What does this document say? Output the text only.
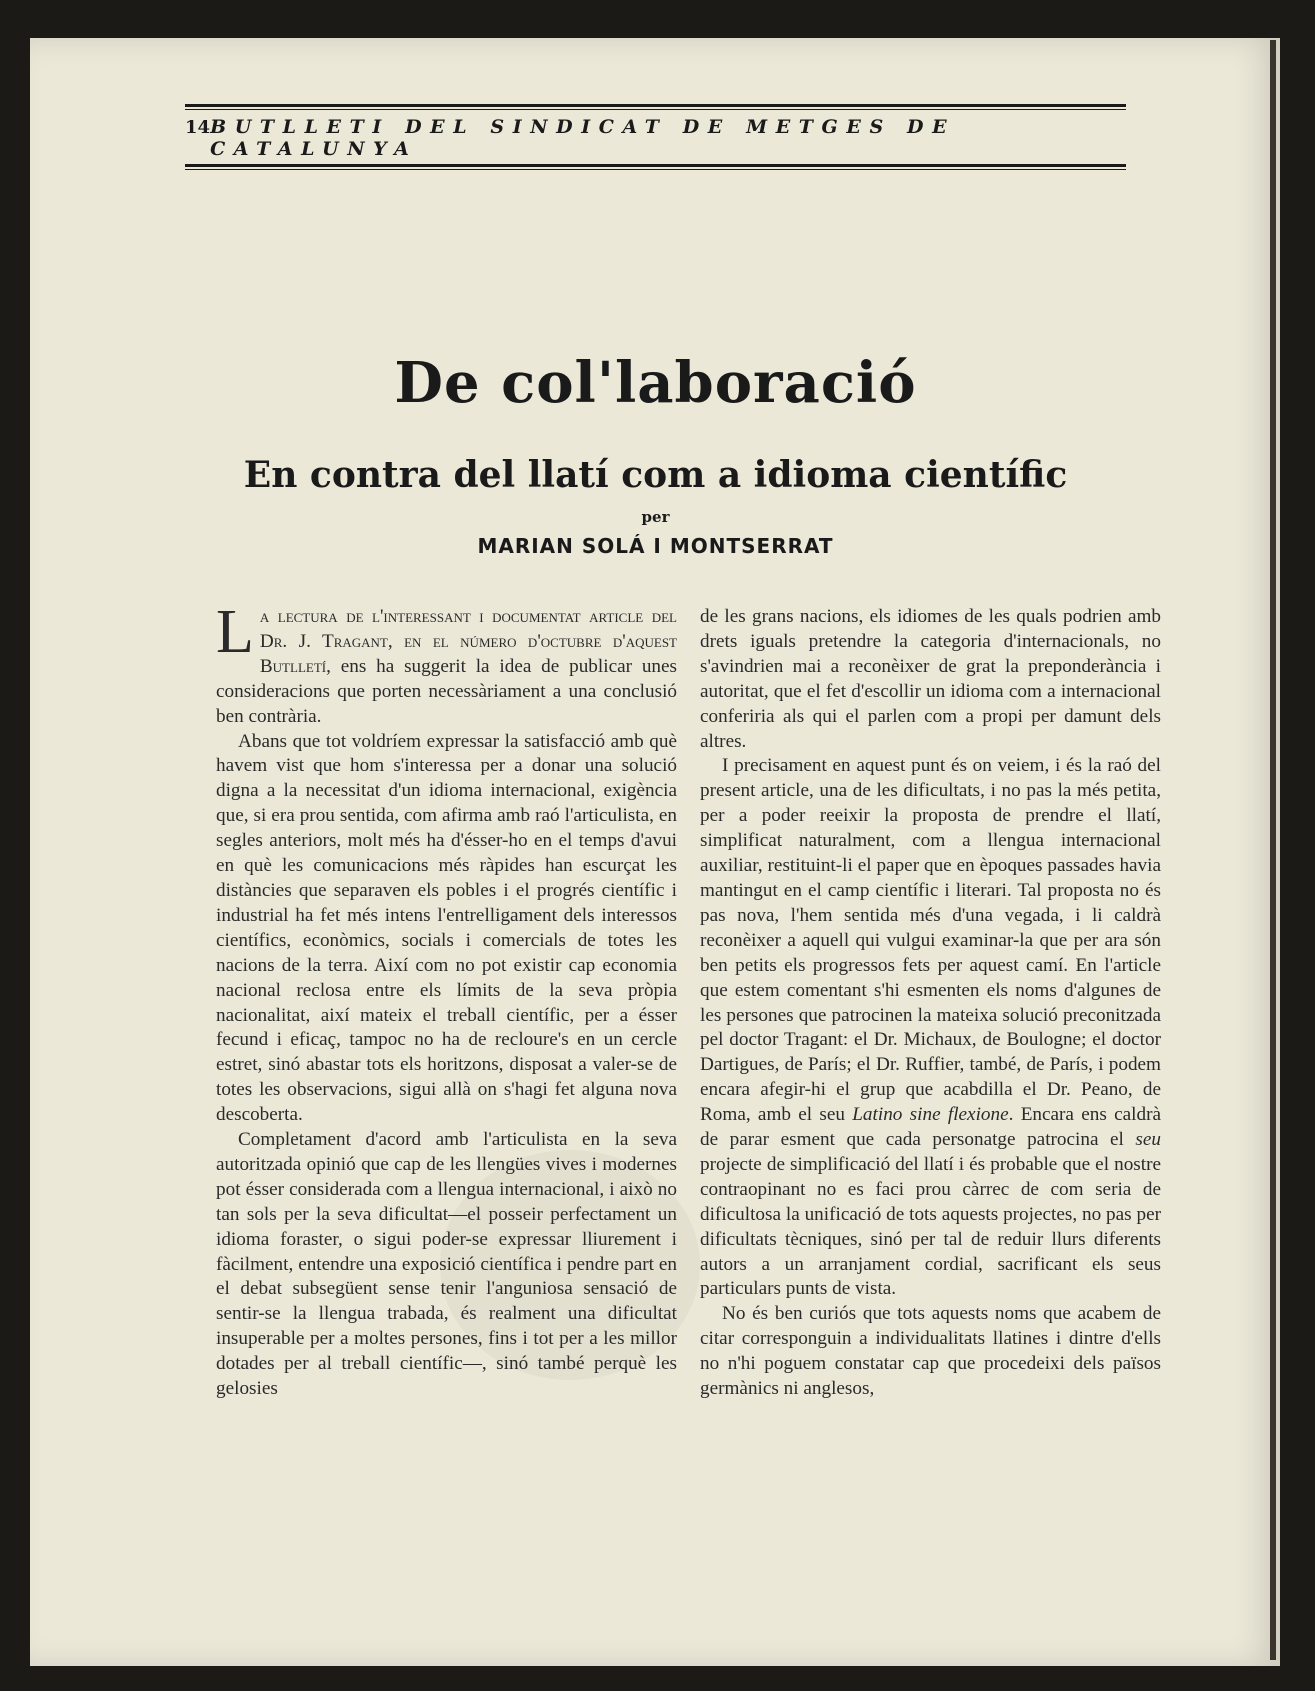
14 BUTLLETI DEL SINDICAT DE METGES DE CATALUNYA
De col'laboració
En contra del llatí com a idioma científic
per
MARIAN SOLÁ I MONTSERRAT

La lectura de l'interessant i documentat article del Dr. J. Tragant, en el número d'octubre d'aquest Butlletí, ens ha suggerit la idea de publicar unes consideracions que porten necessàriament a una conclusió ben contrària.

Abans que tot voldríem expressar la satisfacció amb què havem vist que hom s'interessa per a donar una solució digna a la necessitat d'un idioma internacional, exigència que, si era prou sentida, com afirma amb raó l'articulista, en segles anteriors, molt més ha d'ésser-ho en el temps d'avui en què les comunicacions més ràpides han escurçat les distàncies que separaven els pobles i el progrés científic i industrial ha fet més intens l'entrelligament dels interessos científics, econòmics, socials i comercials de totes les nacions de la terra. Així com no pot existir cap economia nacional reclosa entre els límits de la seva pròpia nacionalitat, així mateix el treball científic, per a ésser fecund i eficaç, tampoc no ha de recloure's en un cercle estret, sinó abastar tots els horitzons, disposat a valer-se de totes les observacions, sigui allà on s'hagi fet alguna nova descoberta.

Completament d'acord amb l'articulista en la seva autoritzada opinió que cap de les llengües vives i modernes pot ésser considerada com a llengua internacional, i això no tan sols per la seva dificultat—el posseir perfectament un idioma foraster, o sigui poder-se expressar lliurement i fàcilment, entendre una exposició científica i pendre part en el debat subsegüent sense tenir l'anguniosa sensació de sentir-se la llengua trabada, és realment una dificultat insuperable per a moltes persones, fins i tot per a les millor dotades per al treball científic—, sinó també perquè les gelosies

de les grans nacions, els idiomes de les quals podrien amb drets iguals pretendre la categoria d'internacionals, no s'avindrien mai a reconèixer de grat la preponderància i autoritat, que el fet d'escollir un idioma com a internacional conferiria als qui el parlen com a propi per damunt dels altres.

I precisament en aquest punt és on veiem, i és la raó del present article, una de les dificultats, i no pas la més petita, per a poder reeixir la proposta de prendre el llatí, simplificat naturalment, com a llengua internacional auxiliar, restituint-li el paper que en èpoques passades havia mantingut en el camp científic i literari. Tal proposta no és pas nova, l'hem sentida més d'una vegada, i li caldrà reconèixer a aquell qui vulgui examinar-la que per ara són ben petits els progressos fets per aquest camí. En l'article que estem comentant s'hi esmenten els noms d'algunes de les persones que patrocinen la mateixa solució preconitzada pel doctor Tragant: el Dr. Michaux, de Boulogne; el doctor Dartigues, de París; el Dr. Ruffier, també, de París, i podem encara afegir-hi el grup que acabdilla el Dr. Peano, de Roma, amb el seu Latino sine flexione. Encara ens caldrà de parar esment que cada personatge patrocina el seu projecte de simplificació del llatí i és probable que el nostre contraopinant no es faci prou càrrec de com seria de dificultosa la unificació de tots aquests projectes, no pas per dificultats tècniques, sinó per tal de reduir llurs diferents autors a un arranjament cordial, sacrificant els seus particulars punts de vista.

No és ben curiós que tots aquests noms que acabem de citar corresponguin a individualitats llatines i dintre d'ells no n'hi poguem constatar cap que procedeixi dels països germànics ni anglesos,
